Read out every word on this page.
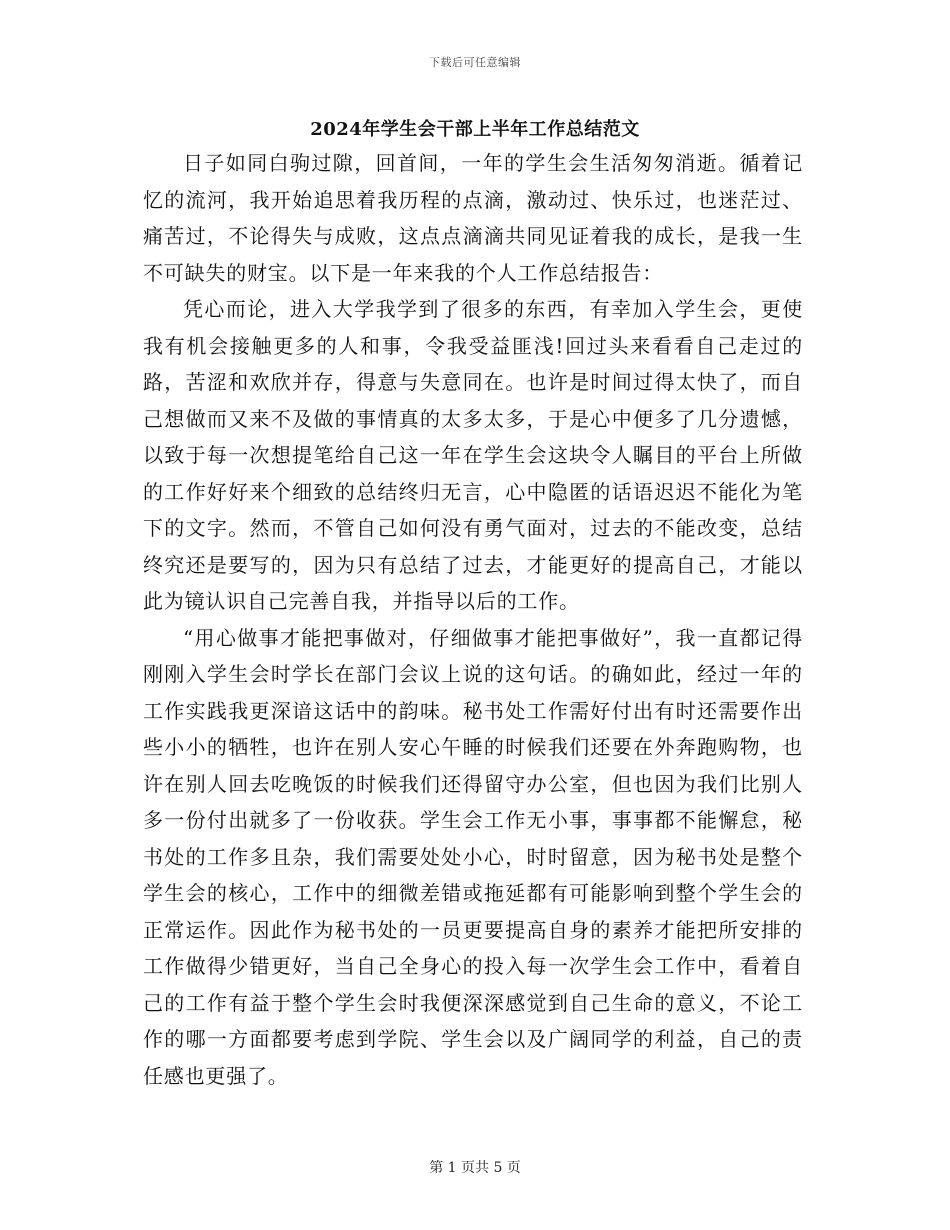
下载后可任意编辑
2024年学生会干部上半年工作总结范文

日子如同白驹过隙，回首间，一年的学生会生活匆匆消逝。循着记忆的流河，我开始追思着我历程的点滴，激动过、快乐过，也迷茫过、痛苦过，不论得失与成败，这点点滴滴共同见证着我的成长，是我一生不可缺失的财宝。以下是一年来我的个人工作总结报告：

凭心而论，进入大学我学到了很多的东西，有幸加入学生会，更使我有机会接触更多的人和事，令我受益匪浅!回过头来看看自己走过的路，苦涩和欢欣并存，得意与失意同在。也许是时间过得太快了，而自己想做而又来不及做的事情真的太多太多，于是心中便多了几分遗憾，以致于每一次想提笔给自己这一年在学生会这块令人瞩目的平台上所做的工作好好来个细致的总结终归无言，心中隐匿的话语迟迟不能化为笔下的文字。然而，不管自己如何没有勇气面对，过去的不能改变，总结终究还是要写的，因为只有总结了过去，才能更好的提高自己，才能以此为镜认识自己完善自我，并指导以后的工作。

“用心做事才能把事做对，仔细做事才能把事做好”，我一直都记得刚刚入学生会时学长在部门会议上说的这句话。的确如此，经过一年的工作实践我更深谙这话中的韵味。秘书处工作需好付出有时还需要作出些小小的牺牲，也许在别人安心午睡的时候我们还要在外奔跑购物，也许在别人回去吃晚饭的时候我们还得留守办公室，但也因为我们比别人多一份付出就多了一份收获。学生会工作无小事，事事都不能懈怠，秘书处的工作多且杂，我们需要处处小心，时时留意，因为秘书处是整个学生会的核心，工作中的细微差错或拖延都有可能影响到整个学生会的正常运作。因此作为秘书处的一员更要提高自身的素养才能把所安排的工作做得少错更好，当自己全身心的投入每一次学生会工作中，看着自己的工作有益于整个学生会时我便深深感觉到自己生命的意义，不论工作的哪一方面都要考虑到学院、学生会以及广阔同学的利益，自己的责任感也更强了。

第 1 页共 5 页
